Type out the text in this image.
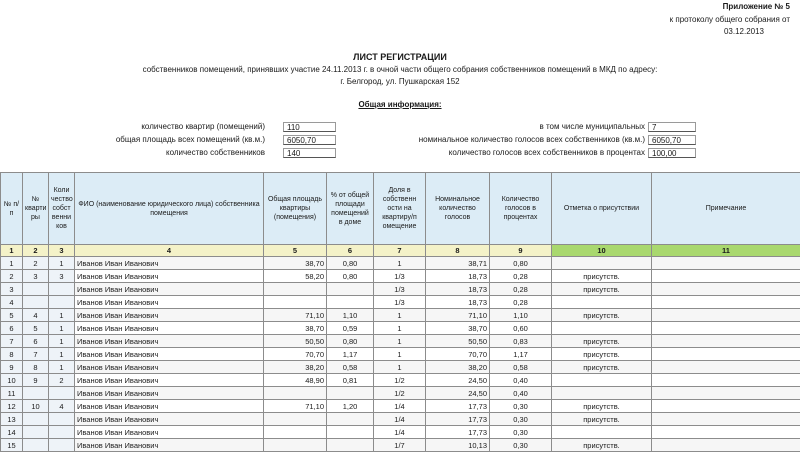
Приложение № 5
к протоколу общего собрания от
03.12.2013
ЛИСТ РЕГИСТРАЦИИ
собственников помещений, принявших участие 24.11.2013 г. в очной части общего собрания собственников помещений в МКД по адресу:
г. Белгород, ул. Пушкарская 152
Общая информация:
количество квартир (помещений)	110
общая площадь всех помещений (кв.м.)	6050,70
количество собственников	140
в том числе муниципальных 7
номинальное количество голосов всех собственников (кв.м.) 6050,70
количество голосов всех собственников в процентах 100,00
№ п/п	№ кварти ры	Коли чество собст венни ков	ФИО (наименование юридического лица) собственника помещения	Общая площадь квартиры (помещения)	% от общей площади помещений в доме	Доля в собственн ости на квартиру/п омещение	Номинальное количество голосов	Количество голосов в процентах	Отметка о присутствии	Примечание
1	2	3	4	5	6	7	8	9	10	11
1	2	1	Иванов Иван Иванович	38,70	0,80	1	38,71	0,80		
2	3	3	Иванов Иван Иванович	58,20	0,80	1/3	18,73	0,28	присутств.	
3			Иванов Иван Иванович			1/3	18,73	0,28	присутств.	
4			Иванов Иван Иванович			1/3	18,73	0,28		
5	4	1	Иванов Иван Иванович	71,10	1,10	1	71,10	1,10	присутств.	
6	5	1	Иванов Иван Иванович	38,70	0,59	1	38,70	0,60		
7	6	1	Иванов Иван Иванович	50,50	0,80	1	50,50	0,83	присутств.	
8	7	1	Иванов Иван Иванович	70,70	1,17	1	70,70	1,17	присутств.	
9	8	1	Иванов Иван Иванович	38,20	0,58	1	38,20	0,58	присутств.	
10	9	2	Иванов Иван Иванович	48,90	0,81	1/2	24,50	0,40		
11			Иванов Иван Иванович			1/2	24,50	0,40		
12	10	4	Иванов Иван Иванович	71,10	1,20	1/4	17,73	0,30	присутств.	
13			Иванов Иван Иванович			1/4	17,73	0,30	присутств.	
14			Иванов Иван Иванович			1/4	17,73	0,30		
15			Иванов Иван Иванович			1/7	10,13	0,30	присутств.	
